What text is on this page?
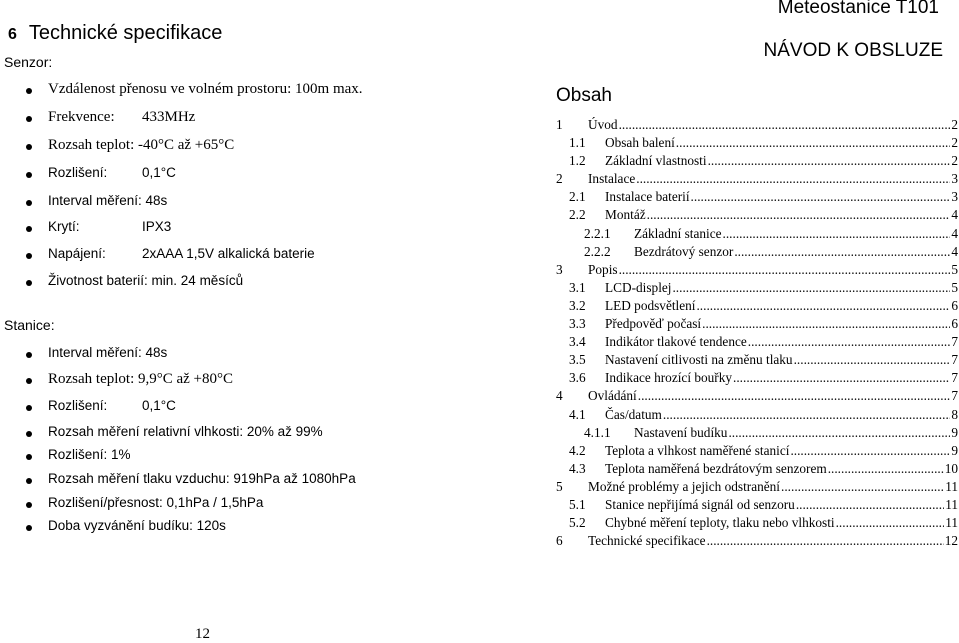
6 Technické specifikace
Senzor:
Vzdálenost přenosu ve volném prostoru: 100m max.
Frekvence: 433MHz
Rozsah teplot: -40°C až +65°C
Rozlišení:	0,1°C
Interval měření: 48s
Krytí:	IPX3
Napájení:	2xAAA 1,5V alkalická baterie
Životnost baterií: min. 24 měsíců
Stanice:
Interval měření: 48s
Rozsah teplot: 9,9°C až +80°C
Rozlišení:	0,1°C
Rozsah měření relativní vlhkosti: 20% až 99%
Rozlišení: 1%
Rozsah měření tlaku vzduchu: 919hPa až 1080hPa
Rozlišení/přesnost: 0,1hPa / 1,5hPa
Doba vyzvánění budíku: 120s
12
Meteostanice T101
NÁVOD K OBSLUZE
Obsah
1	Úvod .....	2
1.1	Obsah balení .....	2
1.2	Základní vlastnosti .....	2
2	Instalace .....	3
2.1	Instalace baterií .....	3
2.2	Montáž .....	4
2.2.1	Základní stanice .....	4
2.2.2	Bezdrátový senzor .....	4
3	Popis .....	5
3.1	LCD-displej .....	5
3.2	LED podsvětlení .....	6
3.3	Předpověď počasí .....	6
3.4	Indikátor tlakové tendence .....	7
3.5	Nastavení citlivosti na změnu tlaku .....	7
3.6	Indikace hrozící bouřky .....	7
4	Ovládání .....	7
4.1	Čas/datum .....	8
4.1.1	Nastavení budíku .....	9
4.2	Teplota a vlhkost naměřené stanicí .....	9
4.3	Teplota naměřená bezdrátovým senzorem .....	10
5	Možné problémy a jejich odstranění .....	11
5.1	Stanice nepřijímá signál od senzoru .....	11
5.2	Chybné měření teploty, tlaku nebo vlhkosti .....	11
6	Technické specifikace .....	12
